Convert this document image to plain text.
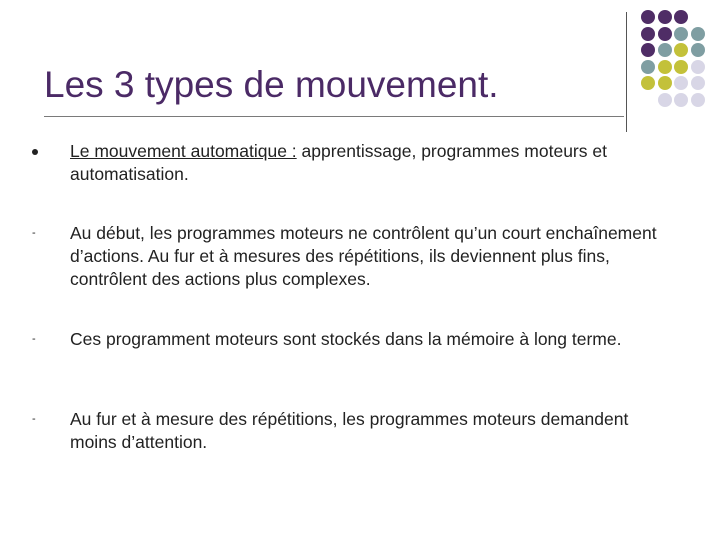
Les 3 types de mouvement.
Le mouvement automatique : apprentissage, programmes moteurs et automatisation.
- Au début, les programmes moteurs ne contrôlent qu’un court enchaînement d’actions. Au fur et à mesures des répétitions, ils deviennent plus fins, contrôlent des actions plus complexes.
- Ces programment moteurs sont stockés dans la mémoire à long terme.
- Au fur et à mesure des répétitions, les programmes moteurs demandent moins d’attention.
